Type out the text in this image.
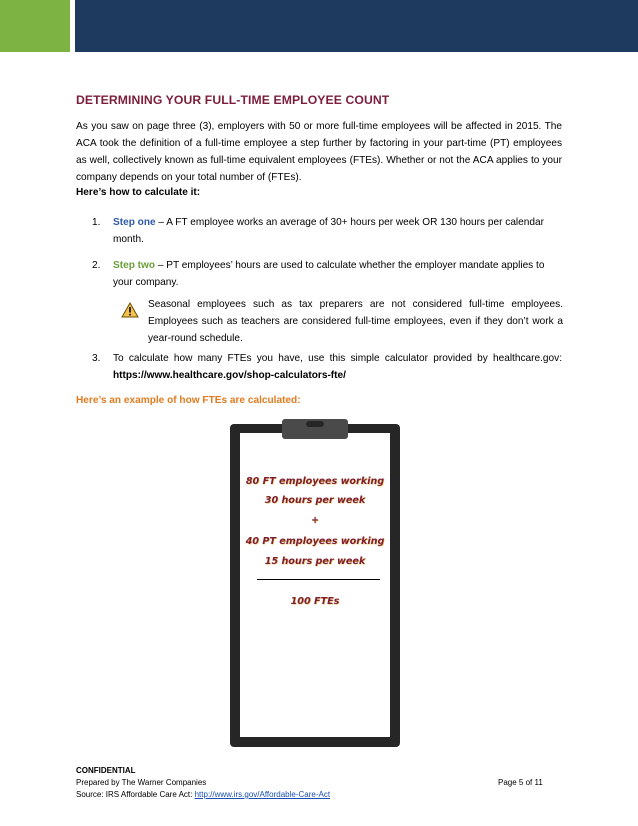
DETERMINING YOUR FULL-TIME EMPLOYEE COUNT
As you saw on page three (3), employers with 50 or more full-time employees will be affected in 2015. The ACA took the definition of a full-time employee a step further by factoring in your part-time (PT) employees as well, collectively known as full-time equivalent employees (FTEs). Whether or not the ACA applies to your company depends on your total number of (FTEs).
Here’s how to calculate it:
1. Step one – A FT employee works an average of 30+ hours per week OR 130 hours per calendar month.
2. Step two – PT employees’ hours are used to calculate whether the employer mandate applies to your company.
Seasonal employees such as tax preparers are not considered full-time employees. Employees such as teachers are considered full-time employees, even if they don’t work a year-round schedule.
3. To calculate how many FTEs you have, use this simple calculator provided by healthcare.gov: https://www.healthcare.gov/shop-calculators-fte/
Here’s an example of how FTEs are calculated:
80 FT employees working
30 hours per week
+
40 PT employees working
15 hours per week
100 FTEs
CONFIDENTIAL
Prepared by The Warner Companies	Page 5 of 11
Source: IRS Affordable Care Act: http://www.irs.gov/Affordable-Care-Act
